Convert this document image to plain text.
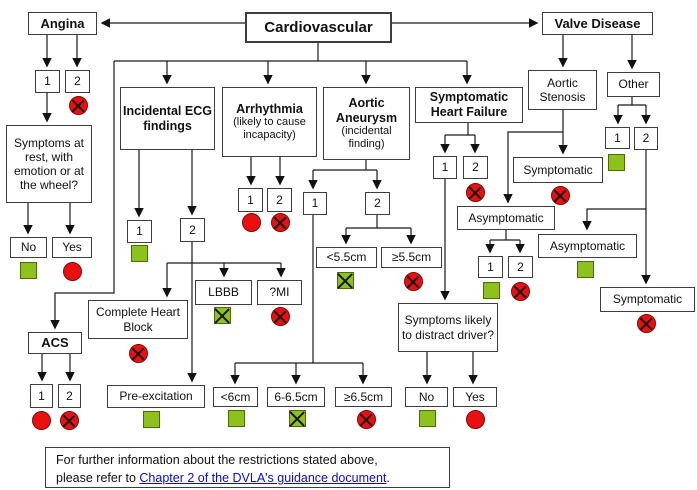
Angina	Cardiovascular	Valve Disease
1	2
Symptoms at rest, with emotion or at the wheel?
No	Yes
ACS
1	2
Incidental ECG findings
1	2
Complete Heart Block
LBBB	?MI
Pre-excitation
Arrhythmia
(likely to cause incapacity)
1	2
Aortic Aneurysm
(incidental finding)
1	2
<5.5cm	≥5.5cm
<6cm	6-6.5cm	≥6.5cm
Symptomatic Heart Failure
1	2
Symptoms likely to distract driver?
No	Yes
Aortic Stenosis
Other
1	2
Symptomatic
Asymptomatic
1	2
Asymptomatic
Symptomatic
For further information about the restrictions stated above,
please refer to Chapter 2 of the DVLA's guidance document.
